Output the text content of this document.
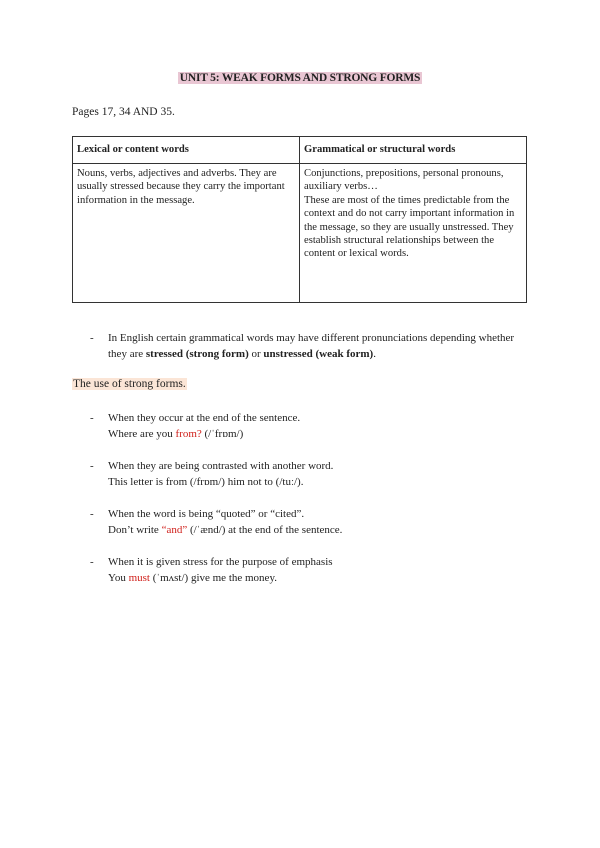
UNIT 5: WEAK FORMS AND STRONG FORMS
Pages 17, 34 AND 35.
Lexical or content words	Grammatical or structural words
Nouns, verbs, adjectives and adverbs. They are usually stressed because they carry the important information in the message.	Conjunctions, prepositions, personal pronouns, auxiliary verbs…
These are most of the times predictable from the context and do not carry important information in the message, so they are usually unstressed. They establish structural relationships between the content or lexical words.
- In English certain grammatical words may have different pronunciations depending whether they are stressed (strong form) or unstressed (weak form).
The use of strong forms.
- When they occur at the end of the sentence.
Where are you from? (/ˈfrɒm/)
- When they are being contrasted with another word.
This letter is from (/frɒm/) him not to (/tuː/).
- When the word is being “quoted” or “cited”.
Don’t write “and” (/ˈænd/) at the end of the sentence.
- When it is given stress for the purpose of emphasis
You must (ˈmʌst/) give me the money.
